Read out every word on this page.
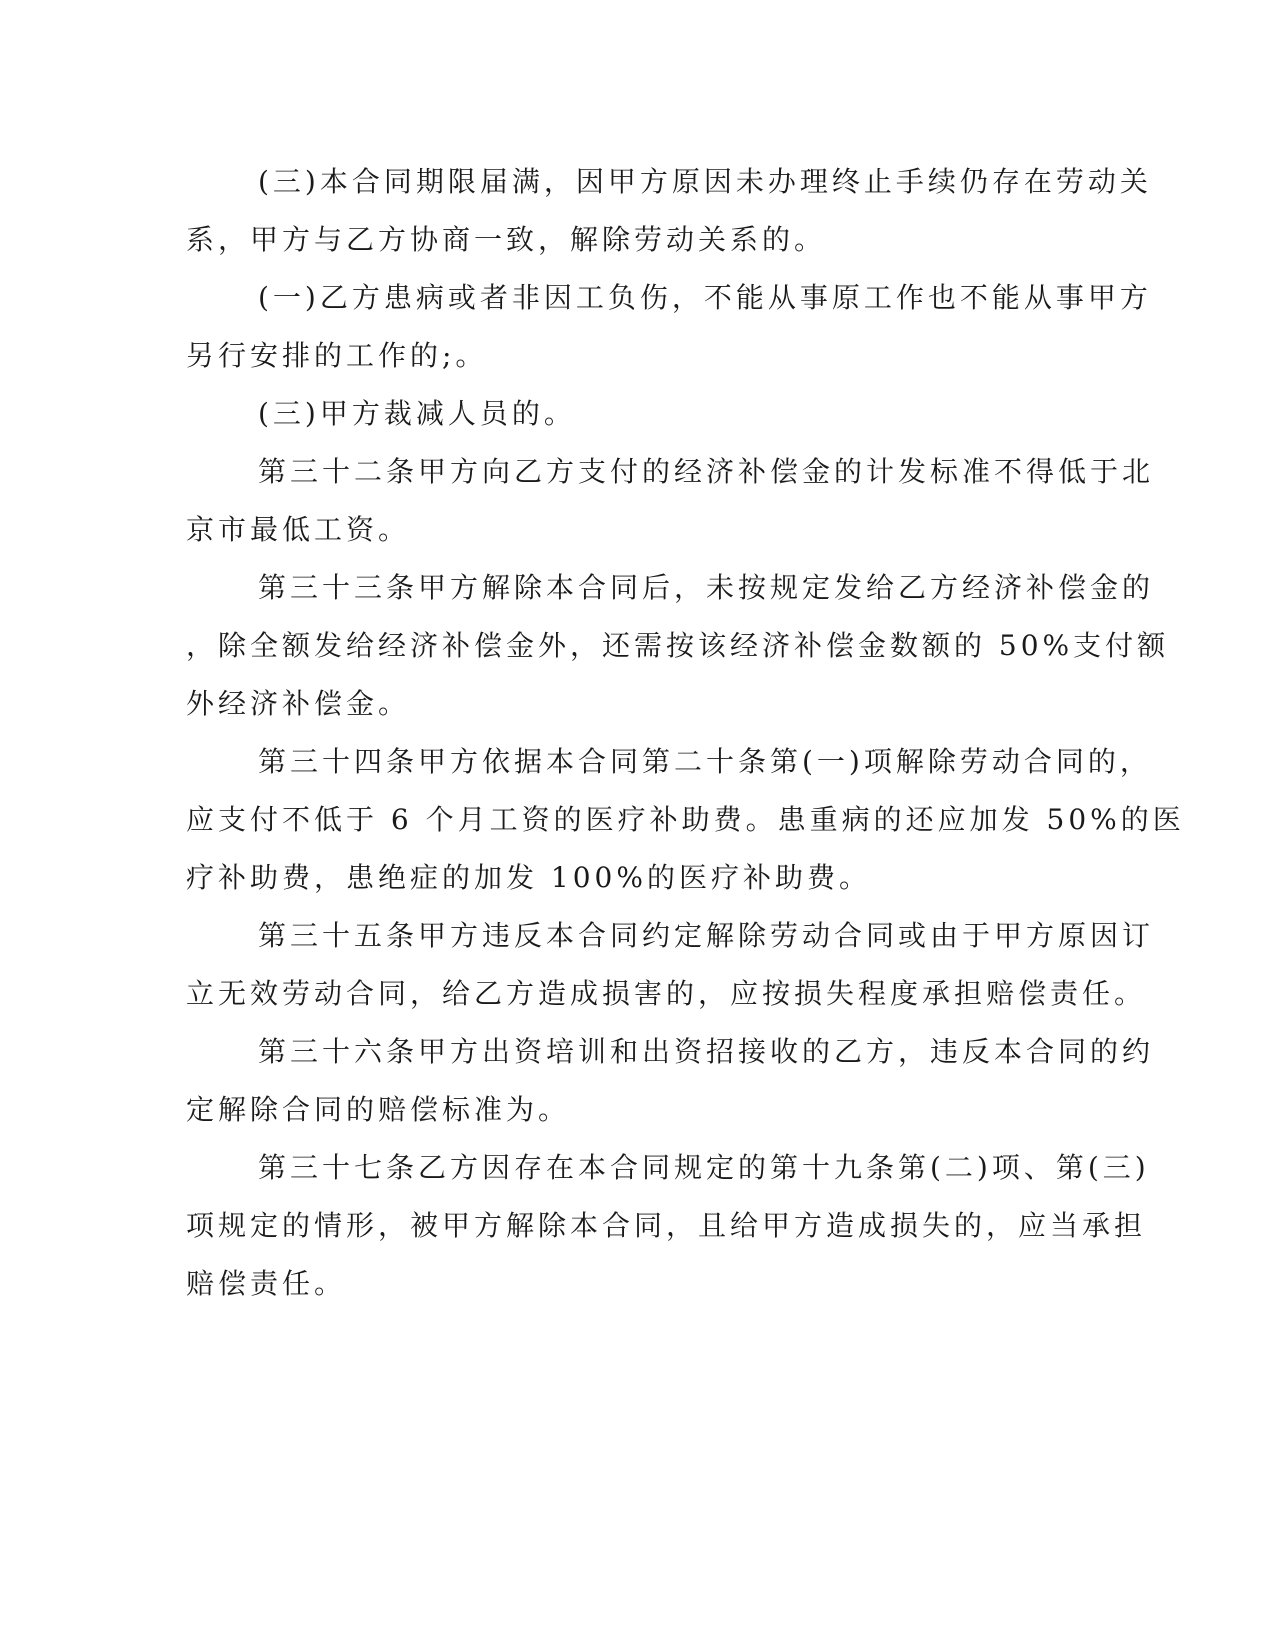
(三)本合同期限届满，因甲方原因未办理终止手续仍存在劳动关
系，甲方与乙方协商一致，解除劳动关系的。
(一)乙方患病或者非因工负伤，不能从事原工作也不能从事甲方
另行安排的工作的;。
(三)甲方裁减人员的。
第三十二条甲方向乙方支付的经济补偿金的计发标准不得低于北
京市最低工资。
第三十三条甲方解除本合同后，未按规定发给乙方经济补偿金的
，除全额发给经济补偿金外，还需按该经济补偿金数额的 50%支付额
外经济补偿金。
第三十四条甲方依据本合同第二十条第(一)项解除劳动合同的，
应支付不低于 6 个月工资的医疗补助费。患重病的还应加发 50%的医
疗补助费，患绝症的加发 100%的医疗补助费。
第三十五条甲方违反本合同约定解除劳动合同或由于甲方原因订
立无效劳动合同，给乙方造成损害的，应按损失程度承担赔偿责任。
第三十六条甲方出资培训和出资招接收的乙方，违反本合同的约
定解除合同的赔偿标准为。
第三十七条乙方因存在本合同规定的第十九条第(二)项、第(三)
项规定的情形，被甲方解除本合同，且给甲方造成损失的，应当承担
赔偿责任。
